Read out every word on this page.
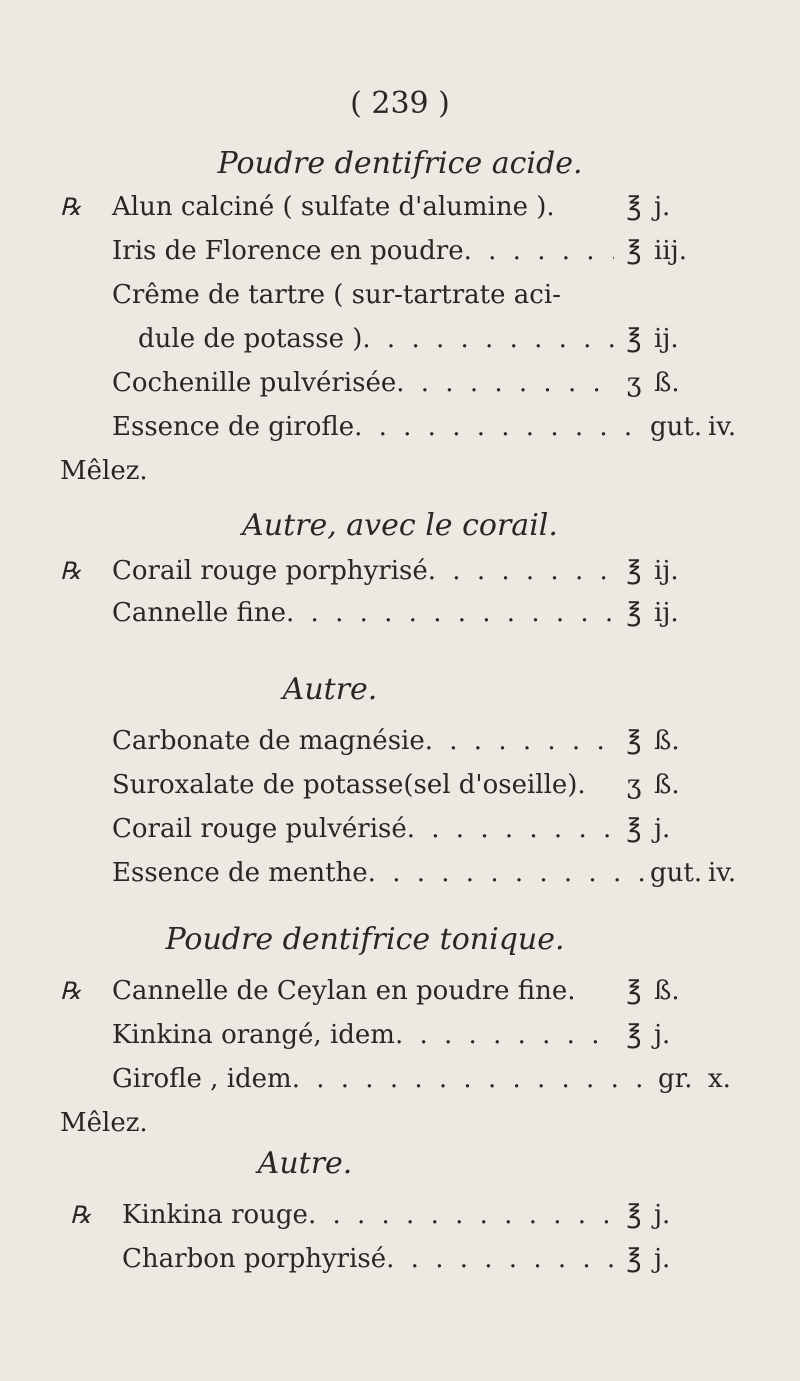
( 239 )
Poudre dentifrice acide.
℞	Alun calciné ( sulfate d'alumine ).	℥ j.
Iris de Florence en poudre . . .	℥ iij.
Crême de tartre ( sur-tartrate aci-
dule de potasse ) . . .	℥ ij.
Cochenille pulvérisée . . .	ʒ ß.
Essence de girofle . . .	gut. iv.
Mêlez.
Autre, avec le corail.
℞	Corail rouge porphyrisé . . .	℥ ij.
Cannelle fine . . .	℥ ij.
Autre.
Carbonate de magnésie . . .	℥ ß.
Suroxalate de potasse(sel d'oseille).	ʒ ß.
Corail rouge pulvérisé . . .	℥ j.
Essence de menthe . . .	gut. iv.
Poudre dentifrice tonique.
℞	Cannelle de Ceylan en poudre fine.	℥ ß.
Kinkina orangé, idem . . .	℥ j.
Girofle , idem . . .	gr. x.
Mêlez.
Autre.
℞	Kinkina rouge . . .	℥ j.
Charbon porphyrisé . . .	℥ j.
